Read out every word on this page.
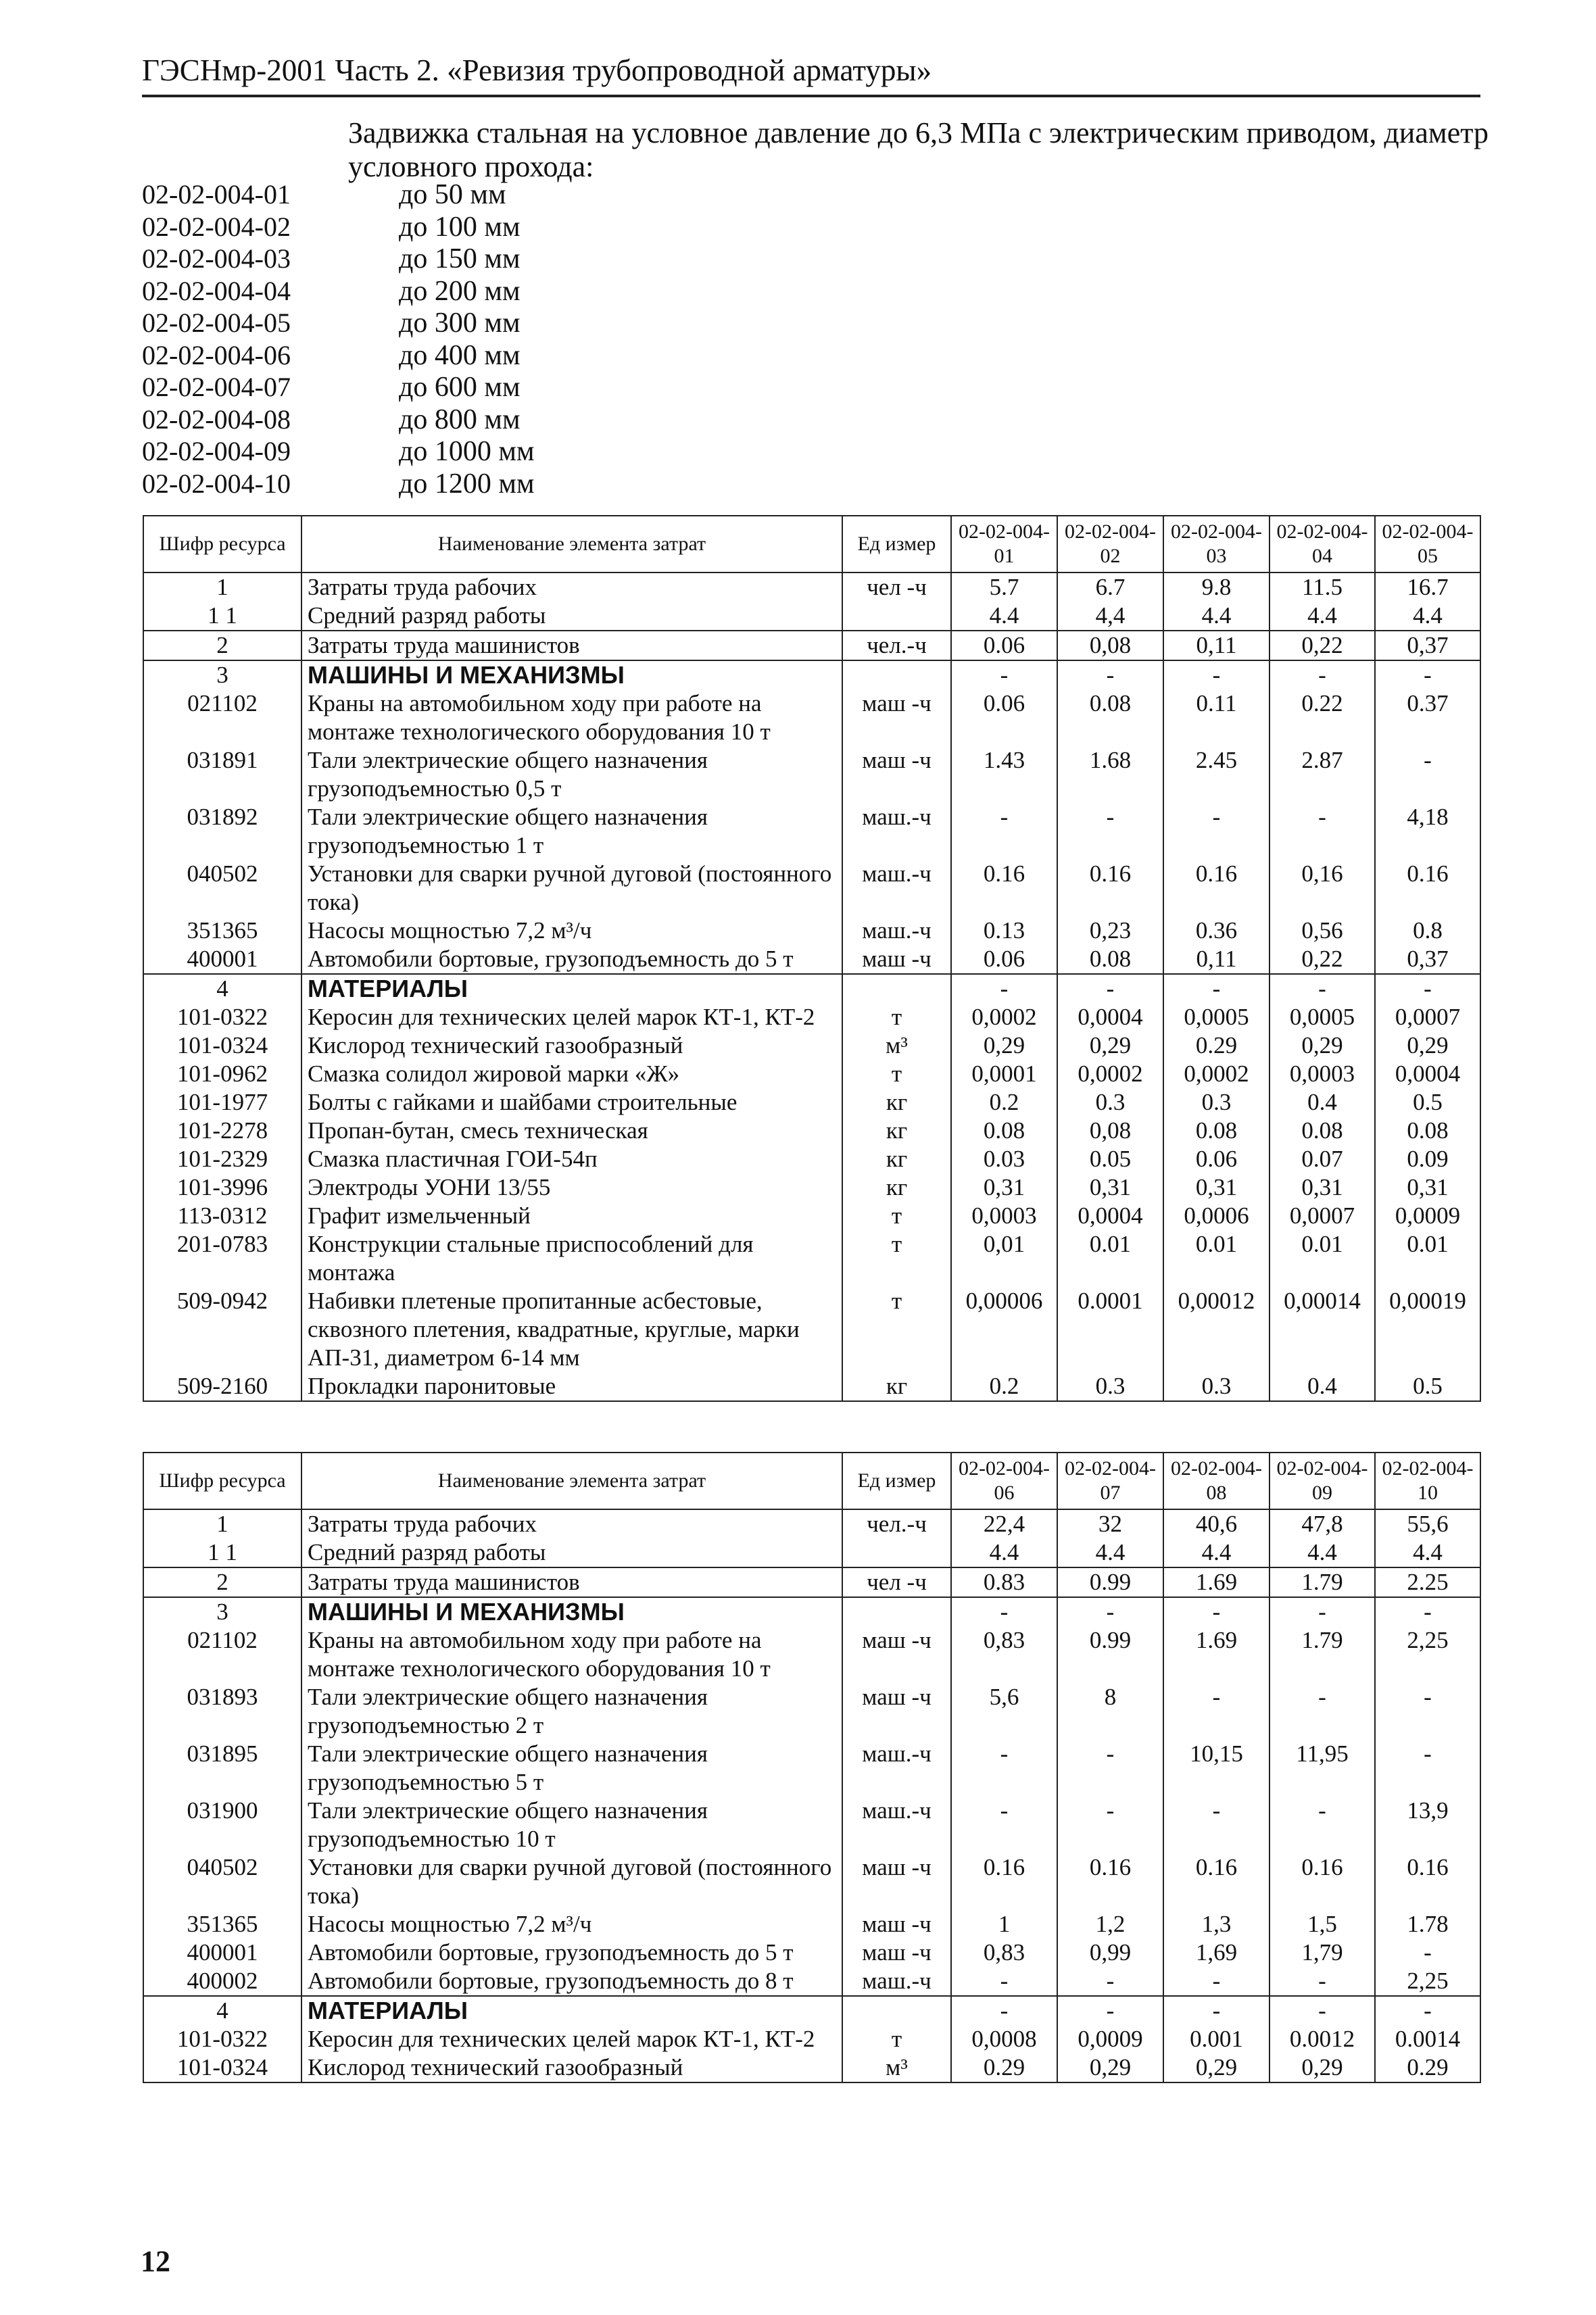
ГЭСНмр-2001 Часть 2. «Ревизия трубопроводной арматуры»
Задвижка стальная на условное давление до 6,3 МПа с электрическим приводом, диаметр условного прохода:
02-02-004-01	до 50 мм
02-02-004-02	до 100 мм
02-02-004-03	до 150 мм
02-02-004-04	до 200 мм
02-02-004-05	до 300 мм
02-02-004-06	до 400 мм
02-02-004-07	до 600 мм
02-02-004-08	до 800 мм
02-02-004-09	до 1000 мм
02-02-004-10	до 1200 мм
Шифр ресурса	Наименование элемента затрат	Ед измер	02-02-004-01	02-02-004-02	02-02-004-03	02-02-004-04	02-02-004-05
1	Затраты труда рабочих	чел -ч	5.7	6.7	9.8	11.5	16.7
1 1	Средний разряд работы		4.4	4,4	4.4	4.4	4.4
2	Затраты труда машинистов	чел.-ч	0.06	0,08	0,11	0,22	0,37
3	МАШИНЫ И МЕХАНИЗМЫ		-	-	-	-	-
021102	Краны на автомобильном ходу при работе на монтаже технологического оборудования 10 т	маш -ч	0.06	0.08	0.11	0.22	0.37
031891	Тали электрические общего назначения грузоподъемностью 0,5 т	маш -ч	1.43	1.68	2.45	2.87	-
031892	Тали электрические общего назначения грузоподъемностью 1 т	маш.-ч	-	-	-	-	4,18
040502	Установки для сварки ручной дуговой (постоянного тока)	маш.-ч	0.16	0.16	0.16	0,16	0.16
351365	Насосы мощностью 7,2 м³/ч	маш.-ч	0.13	0,23	0.36	0,56	0.8
400001	Автомобили бортовые, грузоподъемность до 5 т	маш -ч	0.06	0.08	0,11	0,22	0,37
4	МАТЕРИАЛЫ		-	-	-	-	-
101-0322	Керосин для технических целей марок КТ-1, КТ-2	т	0,0002	0,0004	0,0005	0,0005	0,0007
101-0324	Кислород технический газообразный	м³	0,29	0,29	0.29	0,29	0,29
101-0962	Смазка солидол жировой марки «Ж»	т	0,0001	0,0002	0,0002	0,0003	0,0004
101-1977	Болты с гайками и шайбами строительные	кг	0.2	0.3	0.3	0.4	0.5
101-2278	Пропан-бутан, смесь техническая	кг	0.08	0,08	0.08	0.08	0.08
101-2329	Смазка пластичная ГОИ-54п	кг	0.03	0.05	0.06	0.07	0.09
101-3996	Электроды УОНИ 13/55	кг	0,31	0,31	0,31	0,31	0,31
113-0312	Графит измельченный	т	0,0003	0,0004	0,0006	0,0007	0,0009
201-0783	Конструкции стальные приспособлений для монтажа	т	0,01	0.01	0.01	0.01	0.01
509-0942	Набивки плетеные пропитанные асбестовые, сквозного плетения, квадратные, круглые, марки АП-31, диаметром 6-14 мм	т	0,00006	0.0001	0,00012	0,00014	0,00019
509-2160	Прокладки паронитовые	кг	0.2	0.3	0.3	0.4	0.5
Шифр ресурса	Наименование элемента затрат	Ед измер	02-02-004-06	02-02-004-07	02-02-004-08	02-02-004-09	02-02-004-10
1	Затраты труда рабочих	чел.-ч	22,4	32	40,6	47,8	55,6
1 1	Средний разряд работы		4.4	4.4	4.4	4.4	4.4
2	Затраты труда машинистов	чел -ч	0.83	0.99	1.69	1.79	2.25
3	МАШИНЫ И МЕХАНИЗМЫ		-	-	-	-	-
021102	Краны на автомобильном ходу при работе на монтаже технологического оборудования 10 т	маш -ч	0,83	0.99	1.69	1.79	2,25
031893	Тали электрические общего назначения грузоподъемностью 2 т	маш -ч	5,6	8	-	-	-
031895	Тали электрические общего назначения грузоподъемностью 5 т	маш.-ч	-	-	10,15	11,95	-
031900	Тали электрические общего назначения грузоподъемностью 10 т	маш.-ч	-	-	-	-	13,9
040502	Установки для сварки ручной дуговой (постоянного тока)	маш -ч	0.16	0.16	0.16	0.16	0.16
351365	Насосы мощностью 7,2 м³/ч	маш -ч	1	1,2	1,3	1,5	1.78
400001	Автомобили бортовые, грузоподъемность до 5 т	маш -ч	0,83	0,99	1,69	1,79	-
400002	Автомобили бортовые, грузоподъемность до 8 т	маш.-ч	-	-	-	-	2,25
4	МАТЕРИАЛЫ		-	-	-	-	-
101-0322	Керосин для технических целей марок КТ-1, КТ-2	т	0,0008	0,0009	0.001	0.0012	0.0014
101-0324	Кислород технический газообразный	м³	0.29	0,29	0,29	0,29	0.29
12
